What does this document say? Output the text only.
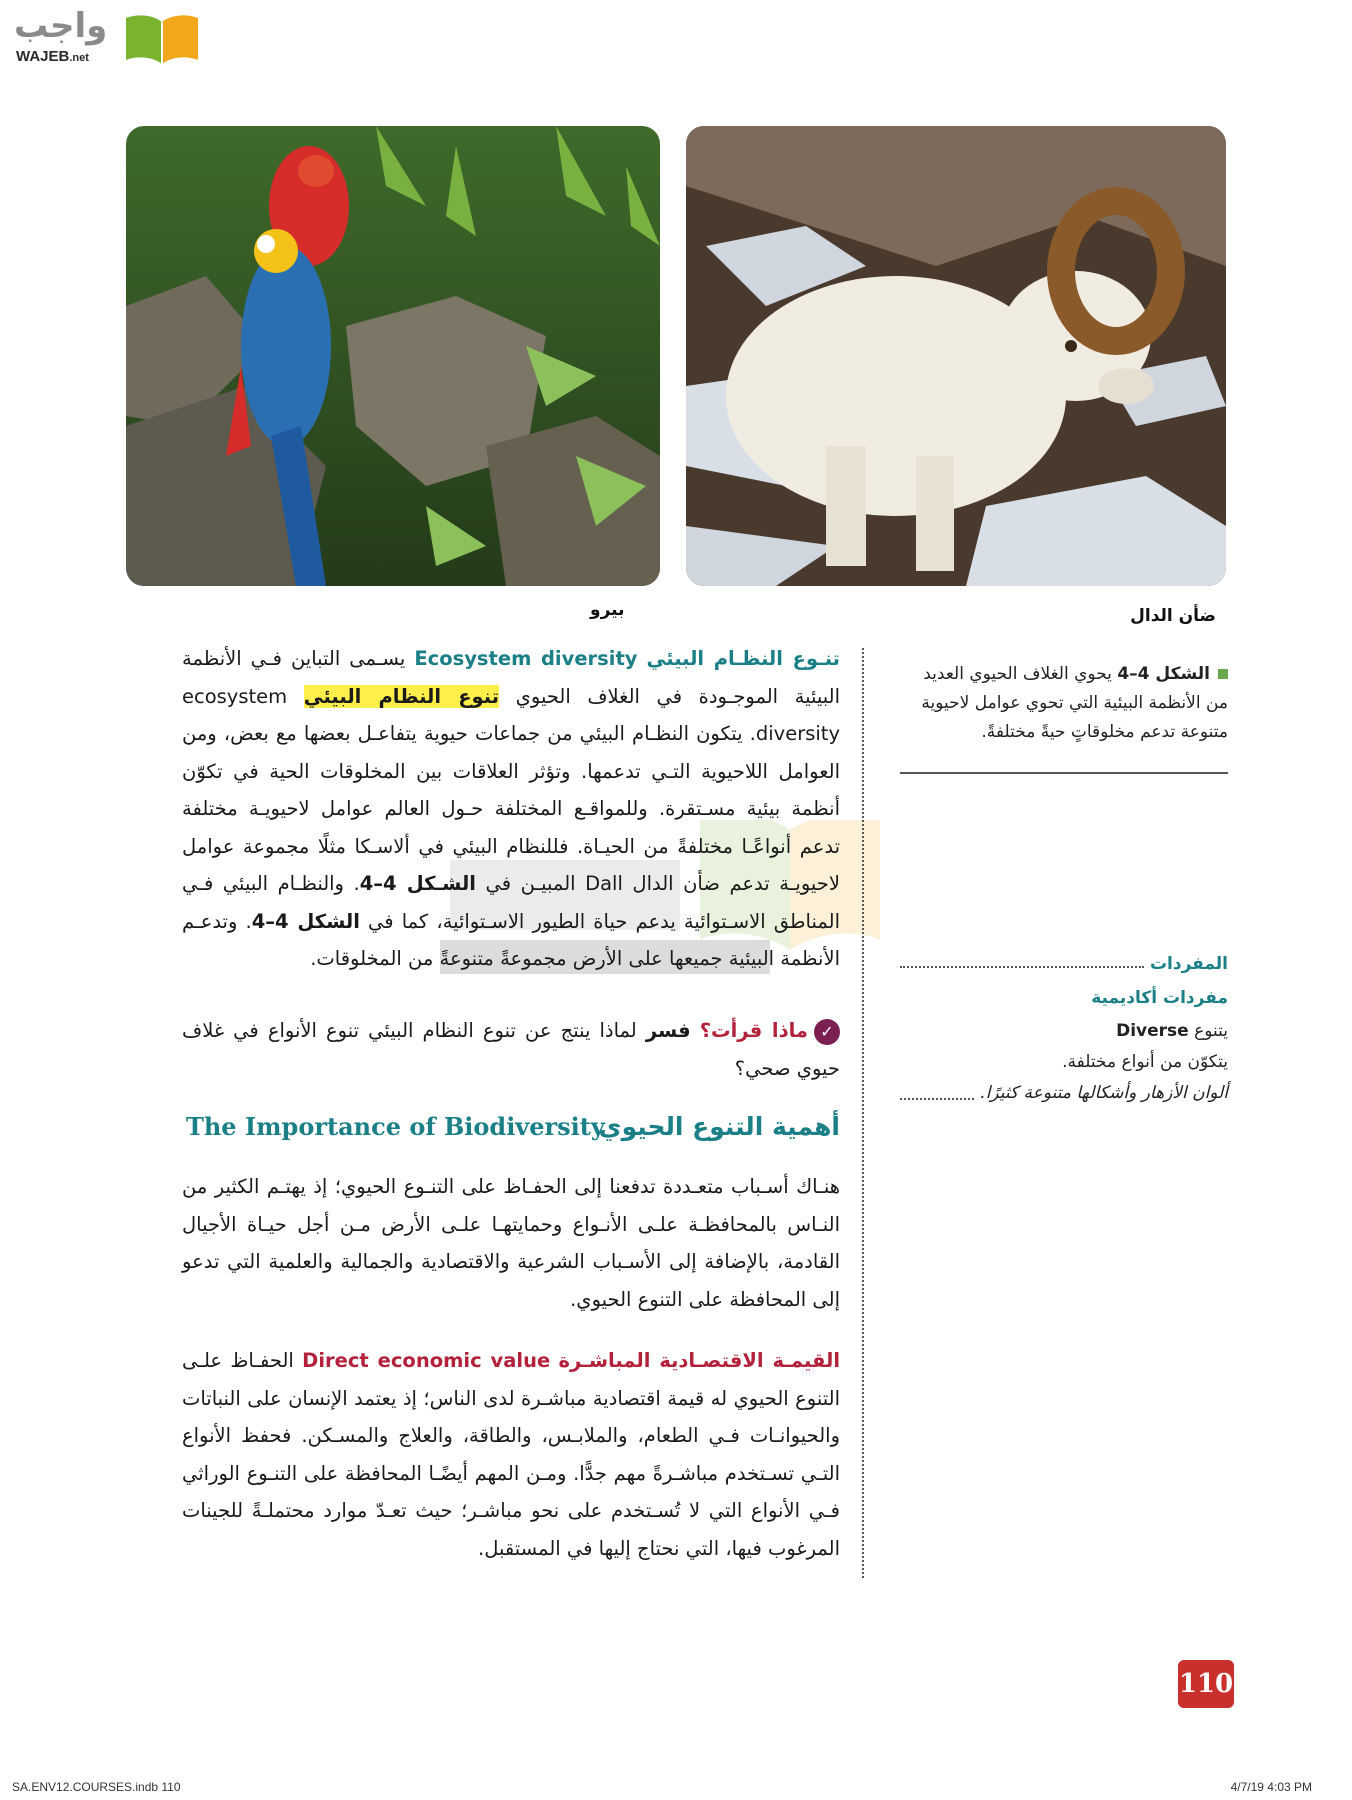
واجب
WAJEB.net
بيرو	ضأن الدال

تنـوع النظـام البيئي Ecosystem diversity يسـمى التباين فـي الأنظمة البيئية الموجـودة في الغلاف الحيوي تنوع النظام البيئي ecosystem diversity. يتكون النظـام البيئي من جماعات حيوية يتفاعـل بعضها مع بعض، ومن العوامل اللاحيوية التـي تدعمها. وتؤثر العلاقات بين المخلوقات الحية في تكوّن أنظمة بيئية مسـتقرة. وللمواقـع المختلفة حـول العالم عوامل لاحيويـة مختلفة تدعم أنواعًـا مختلفةً من الحيـاة. فللنظام البيئي في ألاسـكا مثلًا مجموعة عوامل لاحيويـة تدعم ضأن الدال Dall المبيـن في الشـكل 4–4. والنظـام البيئي فـي المناطق الاسـتوائية يدعم حياة الطيور الاسـتوائية، كما في الشكل 4–4. وتدعـم الأنظمة البيئية جميعها على الأرض مجموعةً متنوعةً من المخلوقات.

✓ماذا قرأت؟ فسر لماذا ينتج عن تنوع النظام البيئي تنوع الأنواع في غلاف حيوي صحي؟

أهمية التنوع الحيوي
The Importance of Biodiversity

هنـاك أسـباب متعـددة تدفعنا إلى الحفـاظ على التنـوع الحيوي؛ إذ يهتـم الكثير من النـاس بالمحافظـة علـى الأنـواع وحمايتهـا علـى الأرض مـن أجل حيـاة الأجيال القادمة، بالإضافة إلى الأسـباب الشرعية والاقتصادية والجمالية والعلمية التي تدعو إلى المحافظة على التنوع الحيوي.

القيمـة الاقتصـادية المباشـرة Direct economic value الحفـاظ علـى التنوع الحيوي له قيمة اقتصادية مباشـرة لدى الناس؛ إذ يعتمد الإنسان على النباتات والحيوانـات فـي الطعام، والملابـس، والطاقة، والعلاج والمسـكن. فحفظ الأنواع التـي تسـتخدم مباشـرةً مهم جدًّا. ومـن المهم أيضًـا المحافظة على التنـوع الوراثي فـي الأنواع التي لا تُسـتخدم على نحو مباشـر؛ حيث تعـدّ موارد محتملـةً للجينات المرغوب فيها، التي نحتاج إليها في المستقبل.

الشكل 4–4 يحوي الغلاف الحيوي العديد من الأنظمة البيئية التي تحوي عوامل لاحيوية متنوعة تدعم مخلوقاتٍ حيةً مختلفةً.
المفردات
مفردات أكاديمية
يتنوع Diverse
يتكوّن من أنواع مختلفة.
ألوان الأزهار وأشكالها متنوعة كثيرًا.
110
SA.ENV12.COURSES.indb 110	4/7/19 4:03 PM
